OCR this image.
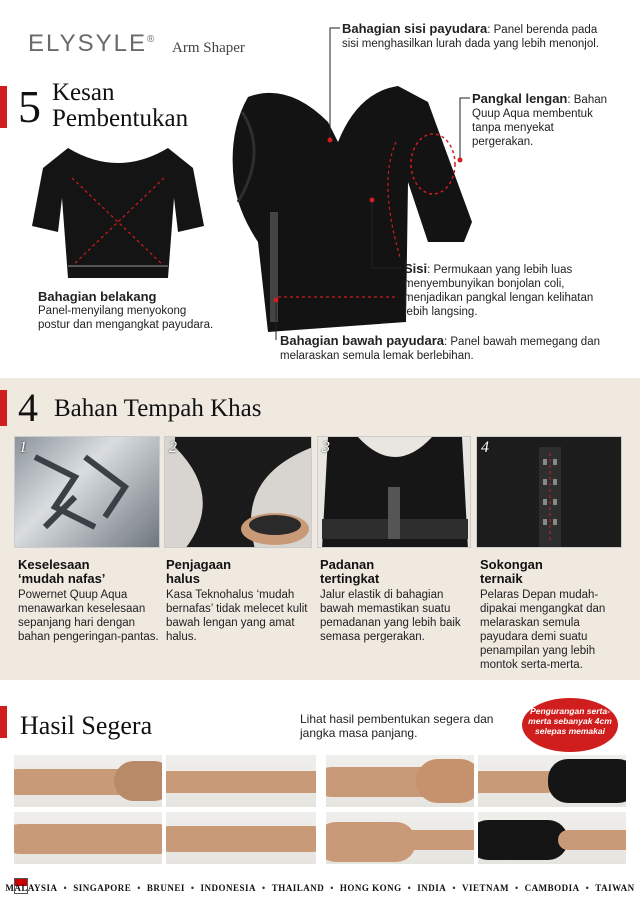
ELYSYLE®
Arm Shaper
5 Kesan
Pembentukan
Bahagian sisi payudara: Panel berenda pada sisi menghasilkan lurah dada yang lebih menonjol.
Pangkal lengan: Bahan Quup Aqua membentuk tanpa menyekat pergerakan.
Sisi: Permukaan yang lebih luas menyembunyikan bonjolan coli, menjadikan pangkal lengan kelihatan lebih langsing.
Bahagian belakang
Panel-menyilang menyokong
postur dan mengangkat payudara.
Bahagian bawah payudara: Panel bawah memegang dan melaraskan semula lemak berlebihan.
4 Bahan Tempah Khas
1	2	3	4
Keselesaan
‘mudah nafas’
Powernet Quup Aqua menawarkan keselesaan sepanjang hari dengan bahan pengeringan-pantas.
Penjagaan
halus
Kasa Teknohalus ‘mudah bernafas’ tidak melecet kulit bawah lengan yang amat halus.
Padanan
tertingkat
Jalur elastik di bahagian bawah memastikan suatu pemadanan yang lebih baik semasa pergerakan.
Sokongan
ternaik
Pelaras Depan mudah-dipakai mengangkat dan melaraskan semula payudara demi suatu penampilan yang lebih montok serta-merta.
Hasil Segera	Lihat hasil pembentukan segera dan
jangka masa panjang.
Pengurangan serta-merta sebanyak 4cm selepas memakai
MALAYSIA • SINGAPORE • BRUNEI • INDONESIA • THAILAND • HONG KONG • INDIA • VIETNAM • CAMBODIA • TAIWAN
